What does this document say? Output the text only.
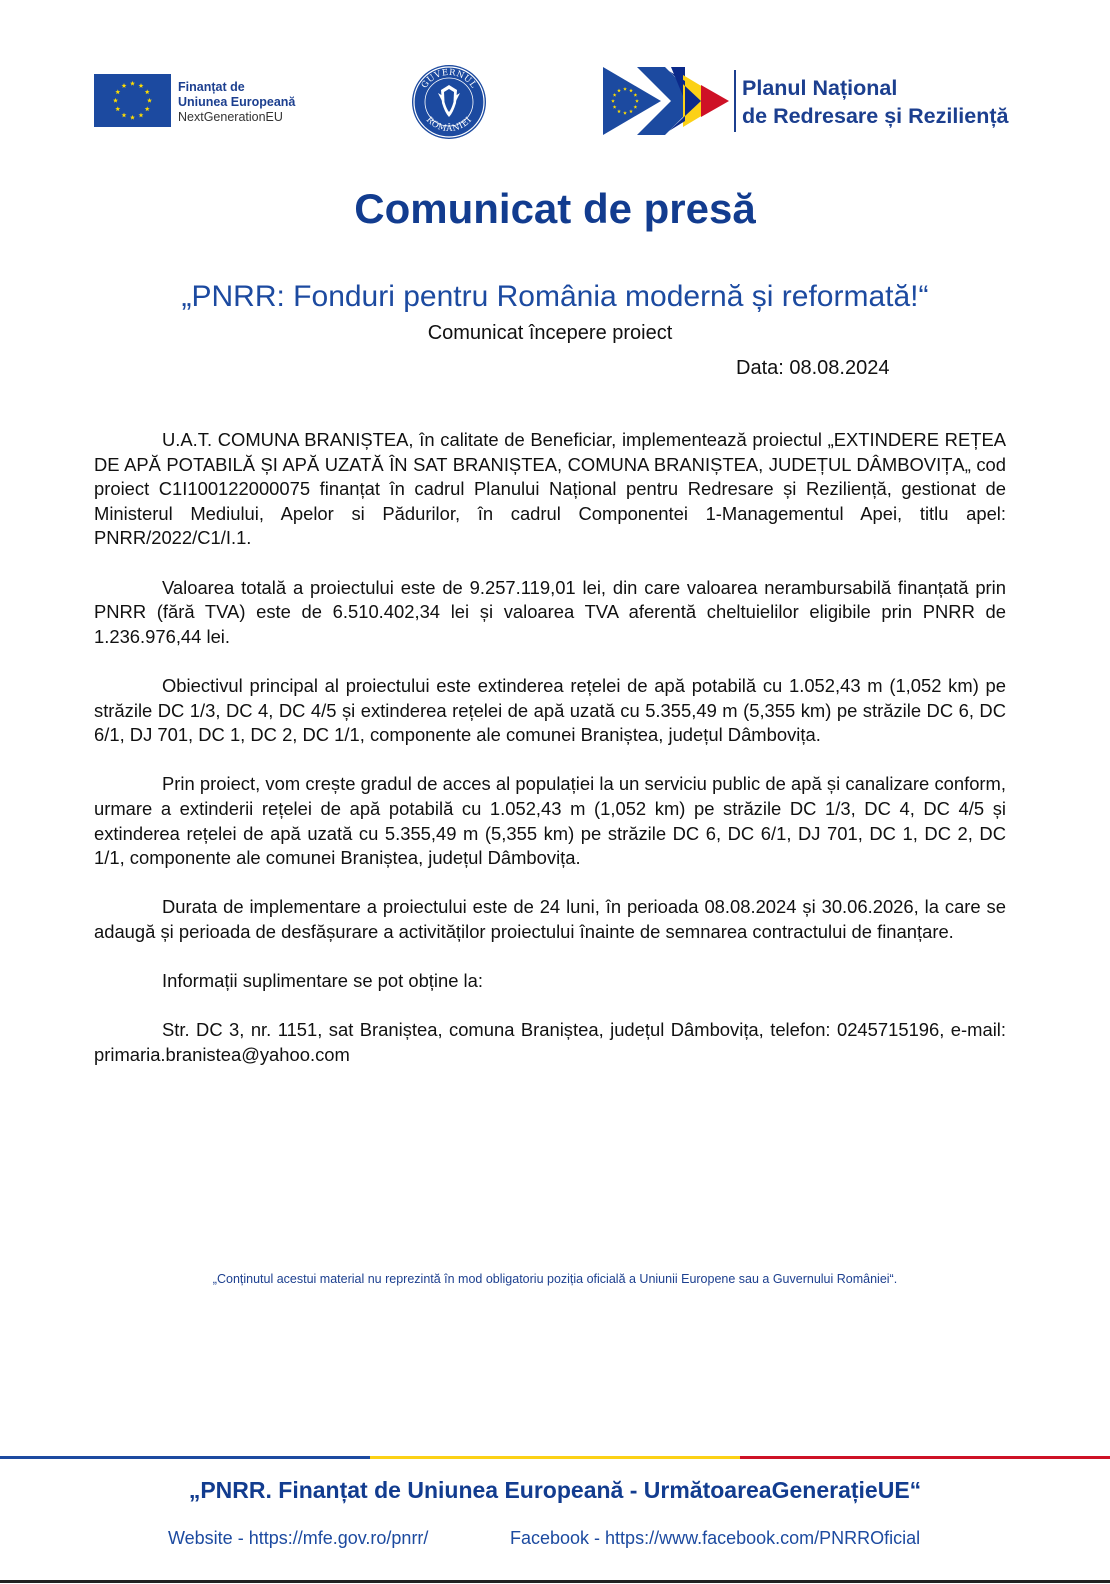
Finanțat de
Uniunea Europeană
NextGenerationEU
GUVERNUL
ROMÂNIEI
Planul Național
de Redresare și Reziliență
Comunicat de presă
„PNRR: Fonduri pentru România modernă și reformată!“
Comunicat începere proiect
Data: 08.08.2024

U.A.T. COMUNA BRANIȘTEA, în calitate de Beneficiar, implementează proiectul „EXTINDERE REȚEA DE APĂ POTABILĂ ȘI APĂ UZATĂ ÎN SAT BRANIȘTEA, COMUNA BRANIȘTEA, JUDEȚUL DÂMBOVIȚA„ cod proiect C1I100122000075 finanțat în cadrul Planului Național pentru Redresare și Reziliență, gestionat de Ministerul Mediului, Apelor si Pădurilor, în cadrul Componentei 1-Managementul Apei, titlu apel: PNRR/2022/C1/I.1.

Valoarea totală a proiectului este de 9.257.119,01 lei, din care valoarea nerambursabilă finanțată prin PNRR (fără TVA) este de 6.510.402,34 lei și valoarea TVA aferentă cheltuielilor eligibile prin PNRR de 1.236.976,44 lei.

Obiectivul principal al proiectului este extinderea rețelei de apă potabilă cu 1.052,43 m (1,052 km) pe străzile DC 1/3, DC 4, DC 4/5 și extinderea rețelei de apă uzată cu 5.355,49 m (5,355 km) pe străzile DC 6, DC 6/1, DJ 701, DC 1, DC 2, DC 1/1, componente ale comunei Braniștea, județul Dâmbovița.

Prin proiect, vom crește gradul de acces al populației la un serviciu public de apă și canalizare conform, urmare a extinderii rețelei de apă potabilă cu 1.052,43 m (1,052 km) pe străzile DC 1/3, DC 4, DC 4/5 și extinderea rețelei de apă uzată cu 5.355,49 m (5,355 km) pe străzile DC 6, DC 6/1, DJ 701, DC 1, DC 2, DC 1/1, componente ale comunei Braniștea, județul Dâmbovița.

Durata de implementare a proiectului este de 24 luni, în perioada 08.08.2024 și 30.06.2026, la care se adaugă și perioada de desfășurare a activităților proiectului înainte de semnarea contractului de finanțare.

Informații suplimentare se pot obține la:

Str. DC 3, nr. 1151, sat Braniștea, comuna Braniștea, județul Dâmbovița, telefon: 0245715196, e-mail: primaria.branistea@yahoo.com

„Conținutul acestui material nu reprezintă în mod obligatoriu poziția oficială a Uniunii Europene sau a Guvernului României“.
„PNRR. Finanțat de Uniunea Europeană - UrmătoareaGenerațieUE“
Website - https://mfe.gov.ro/pnrr/	Facebook - https://www.facebook.com/PNRROficial
